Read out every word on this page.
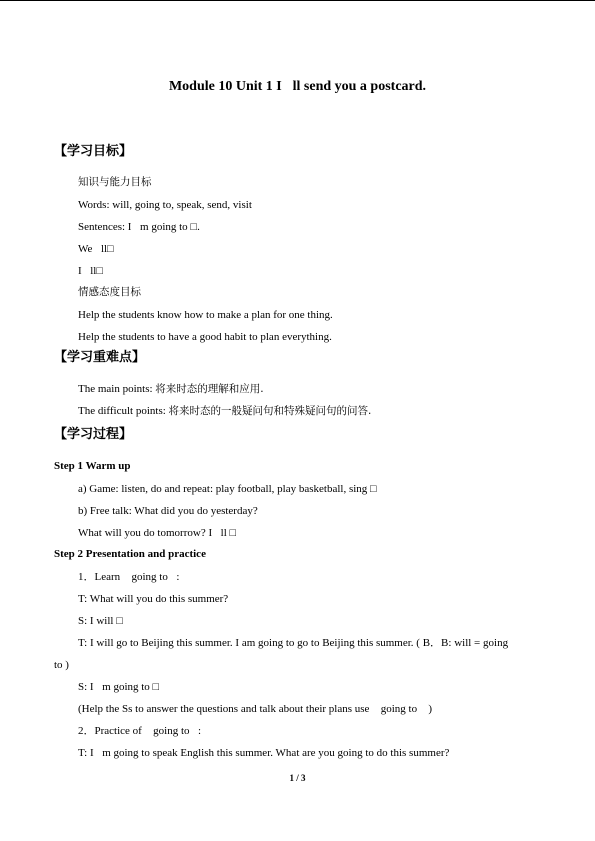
Module 10 Unit 1 I ll send you a postcard.
【学习目标】
知识与能力目标
Words: will, going to, speak, send, visit
Sentences: I m going to □.
We ll□
I ll□
情感态度目标
Help the students know how to make a plan for one thing.
Help the students to have a good habit to plan everything.
【学习重难点】
The main points: 将来时态的理解和应用.
The difficult points: 将来时态的一般疑问句和特殊疑问句的问答.
【学习过程】
Step 1 Warm up
a) Game: listen, do and repeat: play football, play basketball, sing □
b) Free talk: What did you do yesterday?
What will you do tomorrow? I ll □
Step 2 Presentation and practice
1．Learn  going to :
T: What will you do this summer?
S: I will □
T: I will go to Beijing this summer. I am going to go to Beijing this summer. ( B．B: will = going
to )
S: I m going to □
(Help the Ss to answer the questions and talk about their plans use  going to  )
2．Practice of  going to :
T: I m going to speak English this summer. What are you going to do this summer?
1 / 3
